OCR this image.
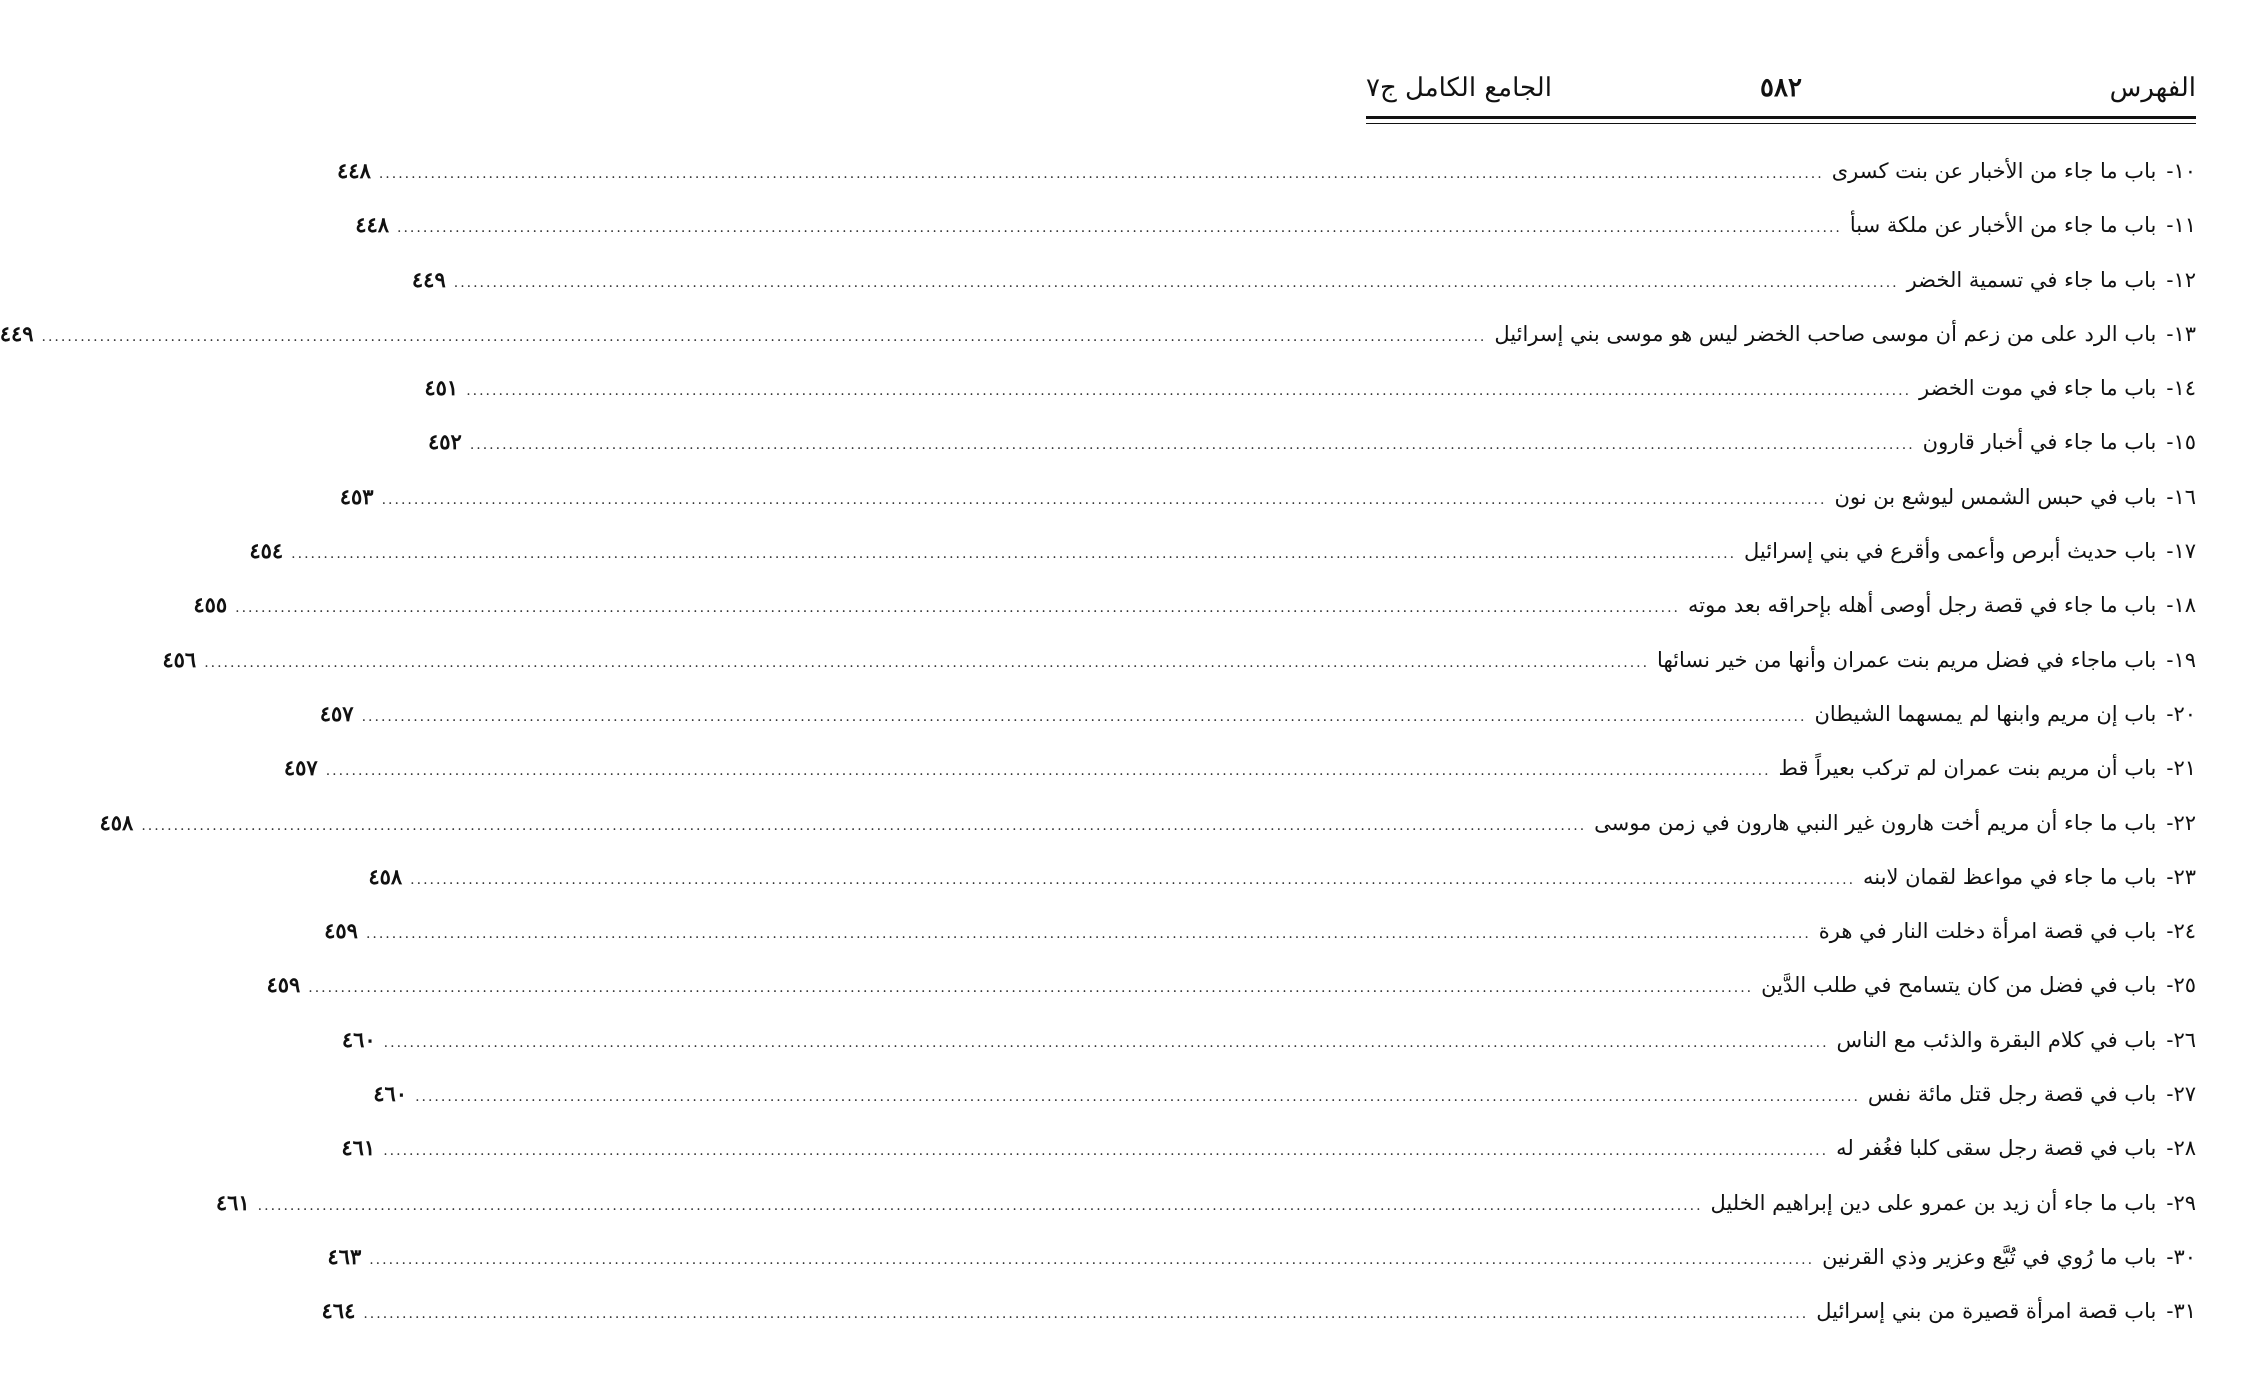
الفهرس
٥٨٢
الجامع الكامل ج٧
١٠-
باب ما جاء من الأخبار عن بنت كسرى
.....
٤٤٨
١١-
باب ما جاء من الأخبار عن ملكة سبأ
.....
٤٤٨
١٢-
باب ما جاء في تسمية الخضر
.....
٤٤٩
١٣-
باب الرد على من زعم أن موسى صاحب الخضر ليس هو موسى بني إسرائيل
.....
٤٤٩
١٤-
باب ما جاء في موت الخضر
.....
٤٥١
١٥-
باب ما جاء في أخبار قارون
.....
٤٥٢
١٦-
باب في حبس الشمس ليوشع بن نون
.....
٤٥٣
١٧-
باب حديث أبرص وأعمى وأقرع في بني إسرائيل
.....
٤٥٤
١٨-
باب ما جاء في قصة رجل أوصى أهله بإحراقه بعد موته
.....
٤٥٥
١٩-
باب ماجاء في فضل مريم بنت عمران وأنها من خير نسائها
.....
٤٥٦
٢٠-
باب إن مريم وابنها لم يمسهما الشيطان
.....
٤٥٧
٢١-
باب أن مريم بنت عمران لم تركب بعيراً قط
.....
٤٥٧
٢٢-
باب ما جاء أن مريم أخت هارون غير النبي هارون في زمن موسى
.....
٤٥٨
٢٣-
باب ما جاء في مواعظ لقمان لابنه
.....
٤٥٨
٢٤-
باب في قصة امرأة دخلت النار في هرة
.....
٤٥٩
٢٥-
باب في فضل من كان يتسامح في طلب الدَّين
.....
٤٥٩
٢٦-
باب في كلام البقرة والذئب مع الناس
.....
٤٦٠
٢٧-
باب في قصة رجل قتل مائة نفس
.....
٤٦٠
٢٨-
باب في قصة رجل سقى كلبا فغُفر له
.....
٤٦١
٢٩-
باب ما جاء أن زيد بن عمرو على دين إبراهيم الخليل
.....
٤٦١
٣٠-
باب ما رُوي في تُبَّع وعزير وذي القرنين
.....
٤٦٣
٣١-
باب قصة امرأة قصيرة من بني إسرائيل
.....
٤٦٤
